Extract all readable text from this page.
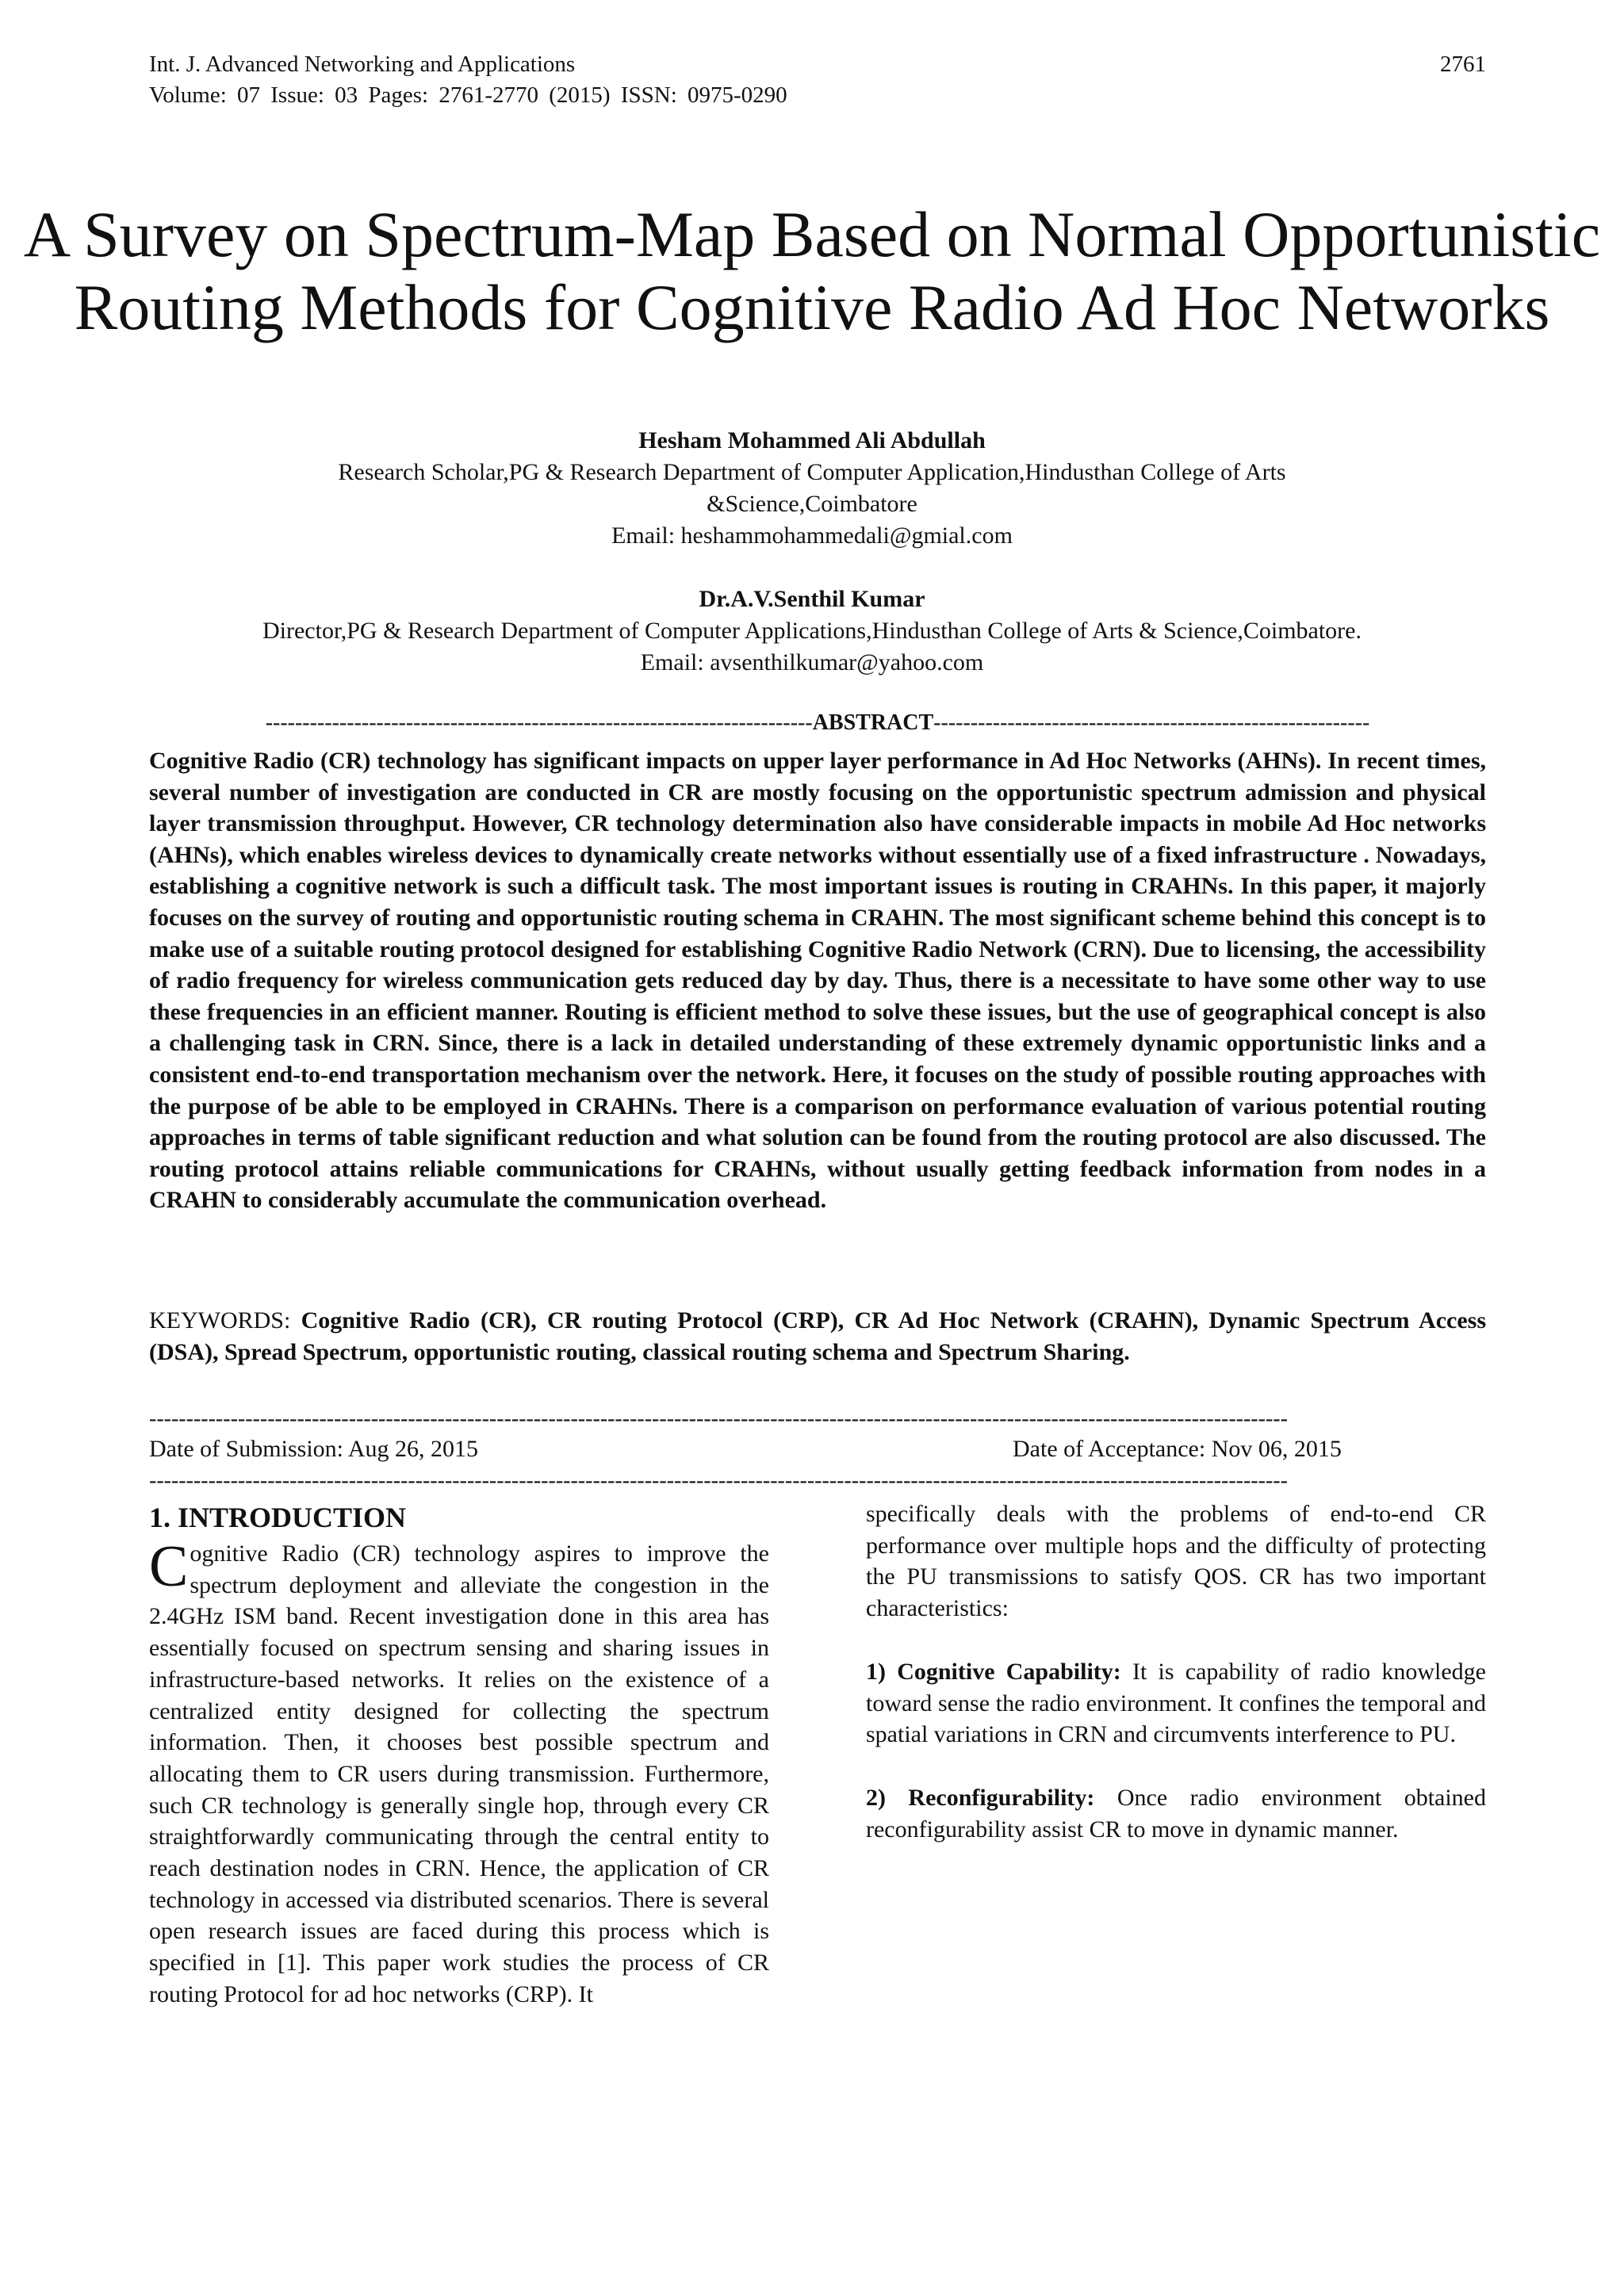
Int. J. Advanced Networking and Applications
Volume: 07 Issue: 03 Pages: 2761-2770 (2015) ISSN: 0975-0290
2761
A Survey on Spectrum-Map Based on Normal Opportunistic Routing Methods for Cognitive Radio Ad Hoc Networks
Hesham Mohammed Ali Abdullah
Research Scholar,PG & Research Department of Computer Application,Hindusthan College of Arts
&Science,Coimbatore
Email: heshammohammedali@gmial.com
Dr.A.V.Senthil Kumar
Director,PG & Research Department of Computer Applications,Hindusthan College of Arts & Science,Coimbatore.
Email: avsenthilkumar@yahoo.com
--------------------------------------------------------------------------ABSTRACT-----------------------------------------------------------
Cognitive Radio (CR) technology has significant impacts on upper layer performance in Ad Hoc Networks (AHNs). In recent times, several number of investigation are conducted in CR are mostly focusing on the opportunistic spectrum admission and physical layer transmission throughput. However, CR technology determination also have considerable impacts in mobile Ad Hoc networks (AHNs), which enables wireless devices to dynamically create networks without essentially use of a fixed infrastructure . Nowadays, establishing a cognitive network is such a difficult task. The most important issues is routing in CRAHNs. In this paper, it majorly focuses on the survey of routing and opportunistic routing schema in CRAHN. The most significant scheme behind this concept is to make use of a suitable routing protocol designed for establishing Cognitive Radio Network (CRN). Due to licensing, the accessibility of radio frequency for wireless communication gets reduced day by day. Thus, there is a necessitate to have some other way to use these frequencies in an efficient manner. Routing is efficient method to solve these issues, but the use of geographical concept is also a challenging task in CRN. Since, there is a lack in detailed understanding of these extremely dynamic opportunistic links and a consistent end-to-end transportation mechanism over the network. Here, it focuses on the study of possible routing approaches with the purpose of be able to be employed in CRAHNs. There is a comparison on performance evaluation of various potential routing approaches in terms of table significant reduction and what solution can be found from the routing protocol are also discussed. The routing protocol attains reliable communications for CRAHNs, without usually getting feedback information from nodes in a CRAHN to considerably accumulate the communication overhead.
KEYWORDS: Cognitive Radio (CR), CR routing Protocol (CRP), CR Ad Hoc Network (CRAHN), Dynamic Spectrum Access (DSA), Spread Spectrum, opportunistic routing, classical routing schema and Spectrum Sharing.
----------------------------------------------------------------------------------------------------------------------------------------------------------
Date of Submission: Aug 26, 2015	Date of Acceptance: Nov 06, 2015
----------------------------------------------------------------------------------------------------------------------------------------------------------
1. INTRODUCTION
Cognitive Radio (CR) technology aspires to improve the spectrum deployment and alleviate the congestion in the 2.4GHz ISM band. Recent investigation done in this area has essentially focused on spectrum sensing and sharing issues in infrastructure-based networks. It relies on the existence of a centralized entity designed for collecting the spectrum information. Then, it chooses best possible spectrum and allocating them to CR users during transmission. Furthermore, such CR technology is generally single hop, through every CR straightforwardly communicating through the central entity to reach destination nodes in CRN. Hence, the application of CR technology in accessed via distributed scenarios. There is several open research issues are faced during this process which is specified in [1]. This paper work studies the process of CR routing Protocol for ad hoc networks (CRP). It

specifically deals with the problems of end-to-end CR performance over multiple hops and the difficulty of protecting the PU transmissions to satisfy QOS. CR has two important characteristics:

1) Cognitive Capability: It is capability of radio knowledge toward sense the radio environment. It confines the temporal and spatial variations in CRN and circumvents interference to PU.

2) Reconfigurability: Once radio environment obtained reconfigurability assist CR to move in dynamic manner.
